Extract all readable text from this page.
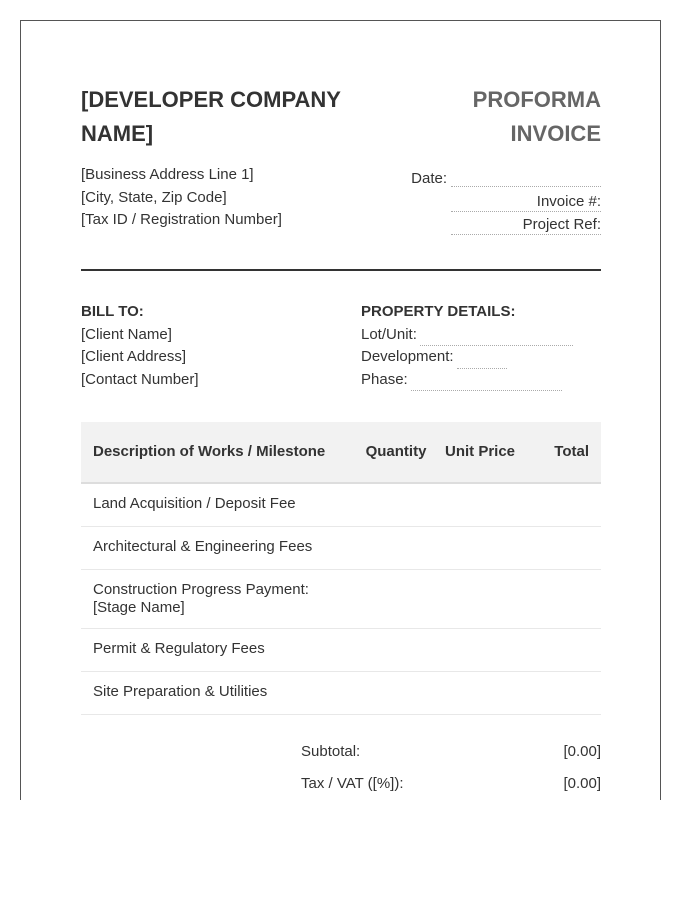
[DEVELOPER COMPANY NAME]
PROFORMA INVOICE
[Business Address Line 1]
[City, State, Zip Code]
[Tax ID / Registration Number]
Date:
Invoice #:
Project Ref:
BILL TO:
[Client Name]
[Client Address]
[Contact Number]
PROPERTY DETAILS:
Lot/Unit:
Development:
Phase:
Description of Works / Milestone	Quantity	Unit Price	Total
Land Acquisition / Deposit Fee			
Architectural & Engineering Fees			
Construction Progress Payment: [Stage Name]			
Permit & Regulatory Fees			
Site Preparation & Utilities			
Subtotal:	[0.00]
Tax / VAT ([%]):	[0.00]
